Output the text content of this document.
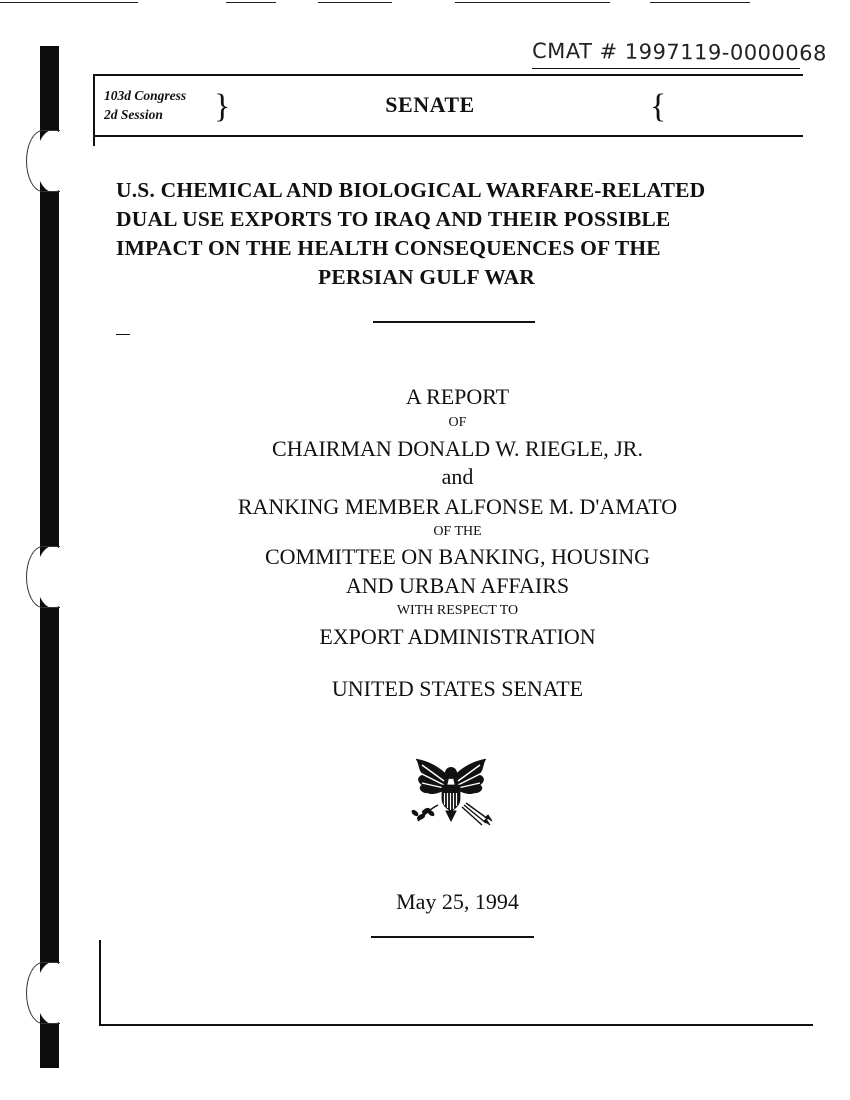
CMAT # 1997119-0000068
103d Congress
2d Session	}	SENATE	{
U.S. CHEMICAL AND BIOLOGICAL WARFARE-RELATED
DUAL USE EXPORTS TO IRAQ AND THEIR POSSIBLE
IMPACT ON THE HEALTH CONSEQUENCES OF THE
PERSIAN GULF WAR
A REPORT
OF
CHAIRMAN DONALD W. RIEGLE, JR.
and
RANKING MEMBER ALFONSE M. D'AMATO
OF THE
COMMITTEE ON BANKING, HOUSING
AND URBAN AFFAIRS
WITH RESPECT TO
EXPORT ADMINISTRATION
UNITED STATES SENATE
May 25, 1994
